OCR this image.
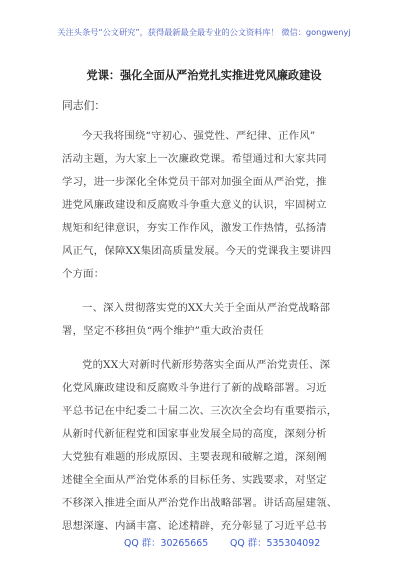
关注头条号“公文研究”，获得最新最全最专业的公文资料库！ 微信：gongwenyj
党课：强化全面从严治党扎实推进党风廉政建设
同志们：
今天我将围绕“守初心、强党性、严纪律、正作风”
活动主题，为大家上一次廉政党课。希望通过和大家共同
学习，进一步深化全体党员干部对加强全面从严治党，推
进党风廉政建设和反腐败斗争重大意义的认识，牢固树立
规矩和纪律意识，夯实工作作风，激发工作热情，弘扬清
风正气，保障XX集团高质量发展。今天的党课我主要讲四
个方面：
一、深入贯彻落实党的XX大关于全面从严治党战略部
署，坚定不移担负“两个维护”重大政治责任
党的XX大对新时代新形势落实全面从严治党责任、深
化党风廉政建设和反腐败斗争进行了新的战略部署。习近
平总书记在中纪委二十届二次、三次次全会均有重要指示，
从新时代新征程党和国家事业发展全局的高度，深刻分析
大党独有难题的形成原因、主要表现和破解之道，深刻阐
述健全全面从严治党体系的目标任务、实践要求，对坚定
不移深入推进全面从严治党作出战略部署。讲话高屋建瓴、
思想深邃、内涵丰富、论述精辟，充分彰显了习近平总书
QQ 群：30265665 QQ 群：535304092
